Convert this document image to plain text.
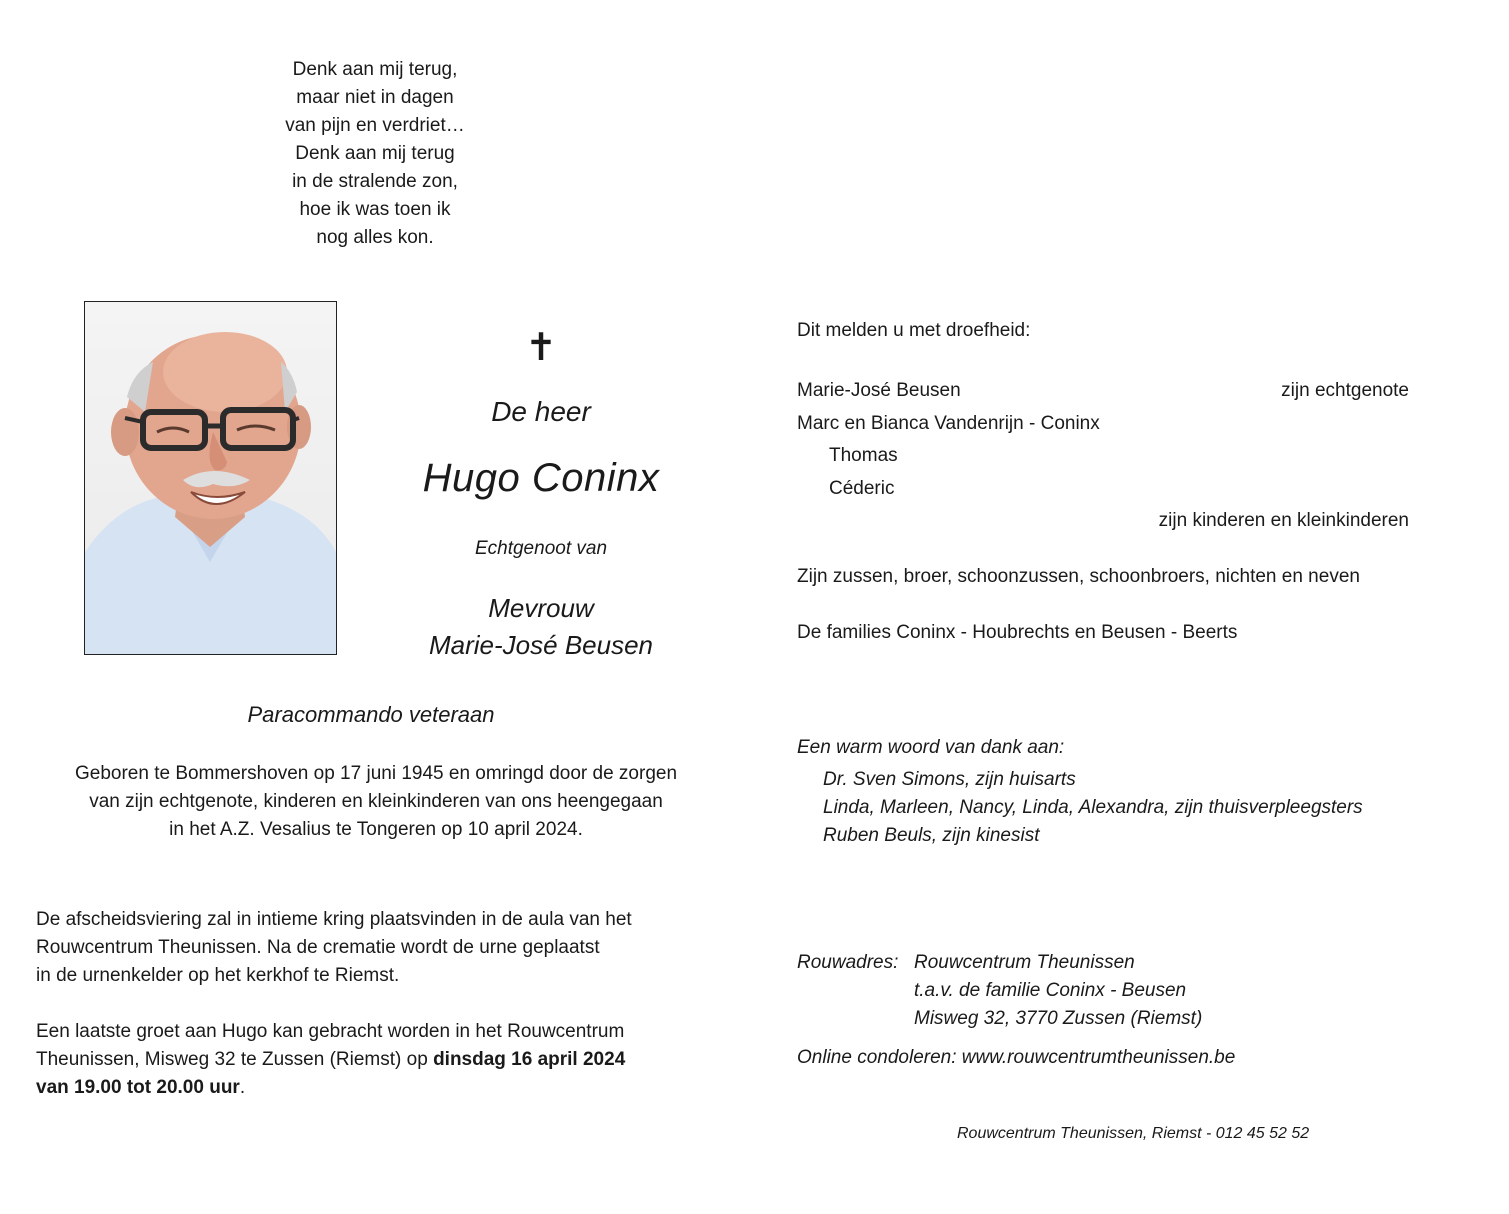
Denk aan mij terug,
maar niet in dagen
van pijn en verdriet…
Denk aan mij terug
in de stralende zon,
hoe ik was toen ik
nog alles kon.
✝
De heer
Hugo Coninx
Echtgenoot van
Mevrouw
Marie-José Beusen
Paracommando veteraan
Geboren te Bommershoven op 17 juni 1945 en omringd door de zorgen
van zijn echtgenote, kinderen en kleinkinderen van ons heengegaan
in het A.Z. Vesalius te Tongeren op 10 april 2024.
De afscheidsviering zal in intieme kring plaatsvinden in de aula van het
Rouwcentrum Theunissen. Na de crematie wordt de urne geplaatst
in de urnenkelder op het kerkhof te Riemst.
Een laatste groet aan Hugo kan gebracht worden in het Rouwcentrum
Theunissen, Misweg 32 te Zussen (Riemst) op dinsdag 16 april 2024
van 19.00 tot 20.00 uur.
Dit melden u met droefheid:
Marie-José Beusen	zijn echtgenote
Marc en Bianca Vandenrijn - Coninx
Thomas
Céderic
zijn kinderen en kleinkinderen
Zijn zussen, broer, schoonzussen, schoonbroers, nichten en neven
De families Coninx - Houbrechts en Beusen - Beerts
Een warm woord van dank aan:
Dr. Sven Simons, zijn huisarts
Linda, Marleen, Nancy, Linda, Alexandra, zijn thuisverpleegsters
Ruben Beuls, zijn kinesist
Rouwadres: Rouwcentrum Theunissen
t.a.v. de familie Coninx - Beusen
Misweg 32, 3770 Zussen (Riemst)
Online condoleren: www.rouwcentrumtheunissen.be
Rouwcentrum Theunissen, Riemst - 012 45 52 52
